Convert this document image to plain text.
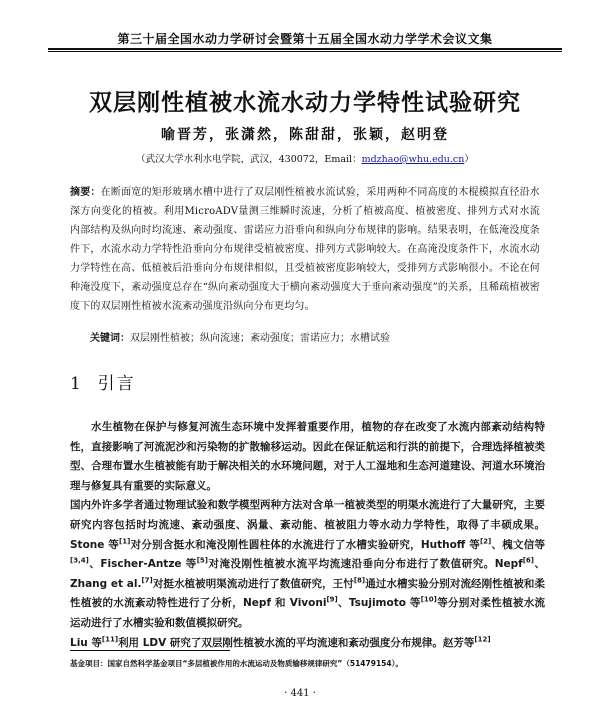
第三十届全国水动力学研讨会暨第十五届全国水动力学学术会议文集
双层刚性植被水流水动力学特性试验研究
喻晋芳，张潇然，陈甜甜，张颖，赵明登
（武汉大学水利水电学院，武汉，430072，Email：mdzhao@whu.edu.cn）
摘要：在断面宽的矩形玻璃水槽中进行了双层刚性植被水流试验，采用两种不同高度的木棍模拟直径沿水深方向变化的植被。利用MicroADV量测三维瞬时流速，分析了植被高度、植被密度、排列方式对水流内部结构及纵向时均流速、紊动强度、雷诺应力沿垂向和纵向分布规律的影响。结果表明，在低淹没度条件下，水流水动力学特性沿垂向分布规律受植被密度、排列方式影响较大。在高淹没度条件下，水流水动力学特性在高、低植被后沿垂向分布规律相似，且受植被密度影响较大，受排列方式影响很小。不论在何种淹没度下，紊动强度总存在“纵向紊动强度大于横向紊动强度大于垂向紊动强度”的关系，且稀疏植被密度下的双层刚性植被水流紊动强度沿纵向分布更均匀。
关键词：双层刚性植被；纵向流速；紊动强度；雷诺应力；水槽试验
1 引言

水生植物在保护与修复河流生态环境中发挥着重要作用，植物的存在改变了水流内部紊动结构特性，直接影响了河流泥沙和污染物的扩散输移运动。因此在保证航运和行洪的前提下，合理选择植被类型、合理布置水生植被能有助于解决相关的水环境问题，对于人工湿地和生态河道建设、河道水环境治理与修复具有重要的实际意义。

国内外许多学者通过物理试验和数学模型两种方法对含单一植被类型的明渠水流进行了大量研究，主要研究内容包括时均流速、紊动强度、涡量、紊动能、植被阻力等水动力学特性，取得了丰硕成果。Stone 等[1]对分别含挺水和淹没刚性圆柱体的水流进行了水槽实验研究，Huthoff 等[2]、槐文信等[3,4]、Fischer-Antze 等[5]对淹没刚性植被水流平均流速沿垂向分布进行了数值研究。Nepf[6]、Zhang et al.[7]对挺水植被明渠流动进行了数值研究，王忖[8]通过水槽实验分别对流经刚性植被和柔性植被的水流紊动特性进行了分析，Nepf 和 Vivoni[9]、Tsujimoto 等[10]等分别对柔性植被水流运动进行了水槽实验和数值模拟研究。

Liu 等[11]利用 LDV 研究了双层刚性植被水流的平均流速和紊动强度分布规律。赵芳等[12]

基金项目：国家自然科学基金项目“多层植被作用的水流运动及物质输移规律研究”（51479154）。
· 441 ·
